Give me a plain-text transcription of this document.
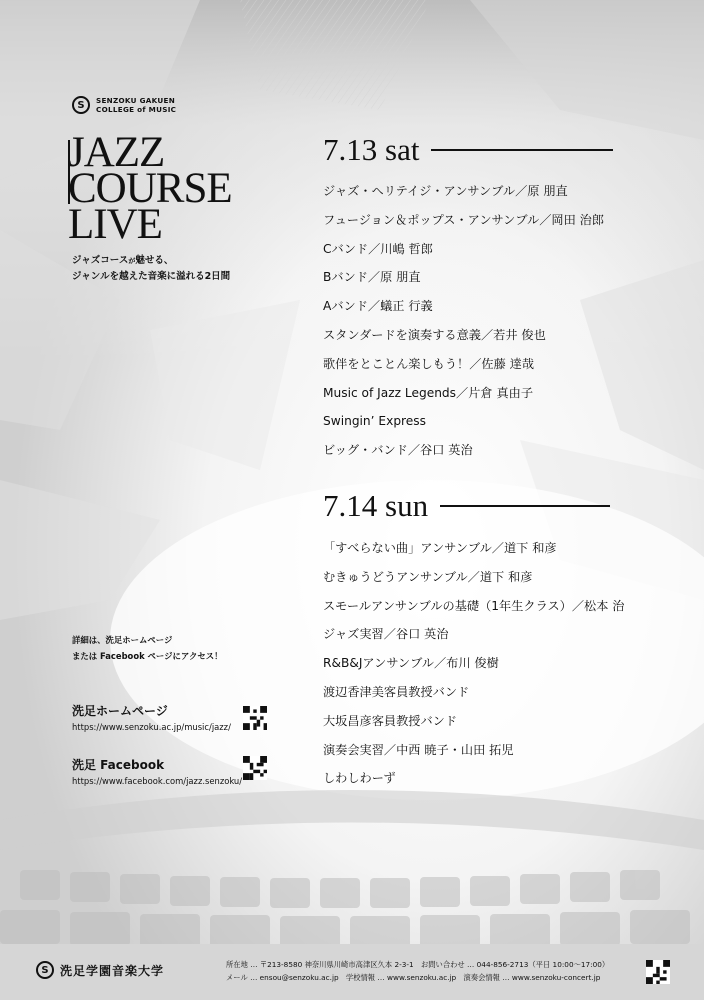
S	SENZOKU GAKUEN
COLLEGE of MUSIC
JAZZ
COURSE
LIVE
ジャズコースが魅せる、
ジャンルを越えた音楽に溢れる2日間
7.13 sat
ジャズ・ヘリテイジ・アンサンブル／原 朋直
フュージョン＆ポップス・アンサンブル／岡田 治郎
Cバンド／川嶋 哲郎
Bバンド／原 朋直
Aバンド／蟻正 行義
スタンダードを演奏する意義／若井 俊也
歌伴をとことん楽しもう！／佐藤 達哉
Music of Jazz Legends／片倉 真由子
Swingin’ Express
ビッグ・バンド／谷口 英治
7.14 sun
「すべらない曲」アンサンブル／道下 和彦
むきゅうどうアンサンブル／道下 和彦
スモールアンサンブルの基礎（1年生クラス）／松本 治
ジャズ実習／谷口 英治
R&B&Jアンサンブル／布川 俊樹
渡辺香津美客員教授バンド
大坂昌彦客員教授バンド
演奏会実習／中西 暁子・山田 拓児
しわしわーず
詳細は、洗足ホームページ
または Facebook ページにアクセス！
洗足ホームページ
https://www.senzoku.ac.jp/music/jazz/
洗足 Facebook
https://www.facebook.com/jazz.senzoku/
S 洗足学園音楽大学	所在地 … 〒213-8580 神奈川県川崎市高津区久本 2-3-1　お問い合わせ … 044-856-2713（平日 10:00〜17:00）
メール … ensou@senzoku.ac.jp　学校情報 … www.senzoku.ac.jp　演奏会情報 … www.senzoku-concert.jp
